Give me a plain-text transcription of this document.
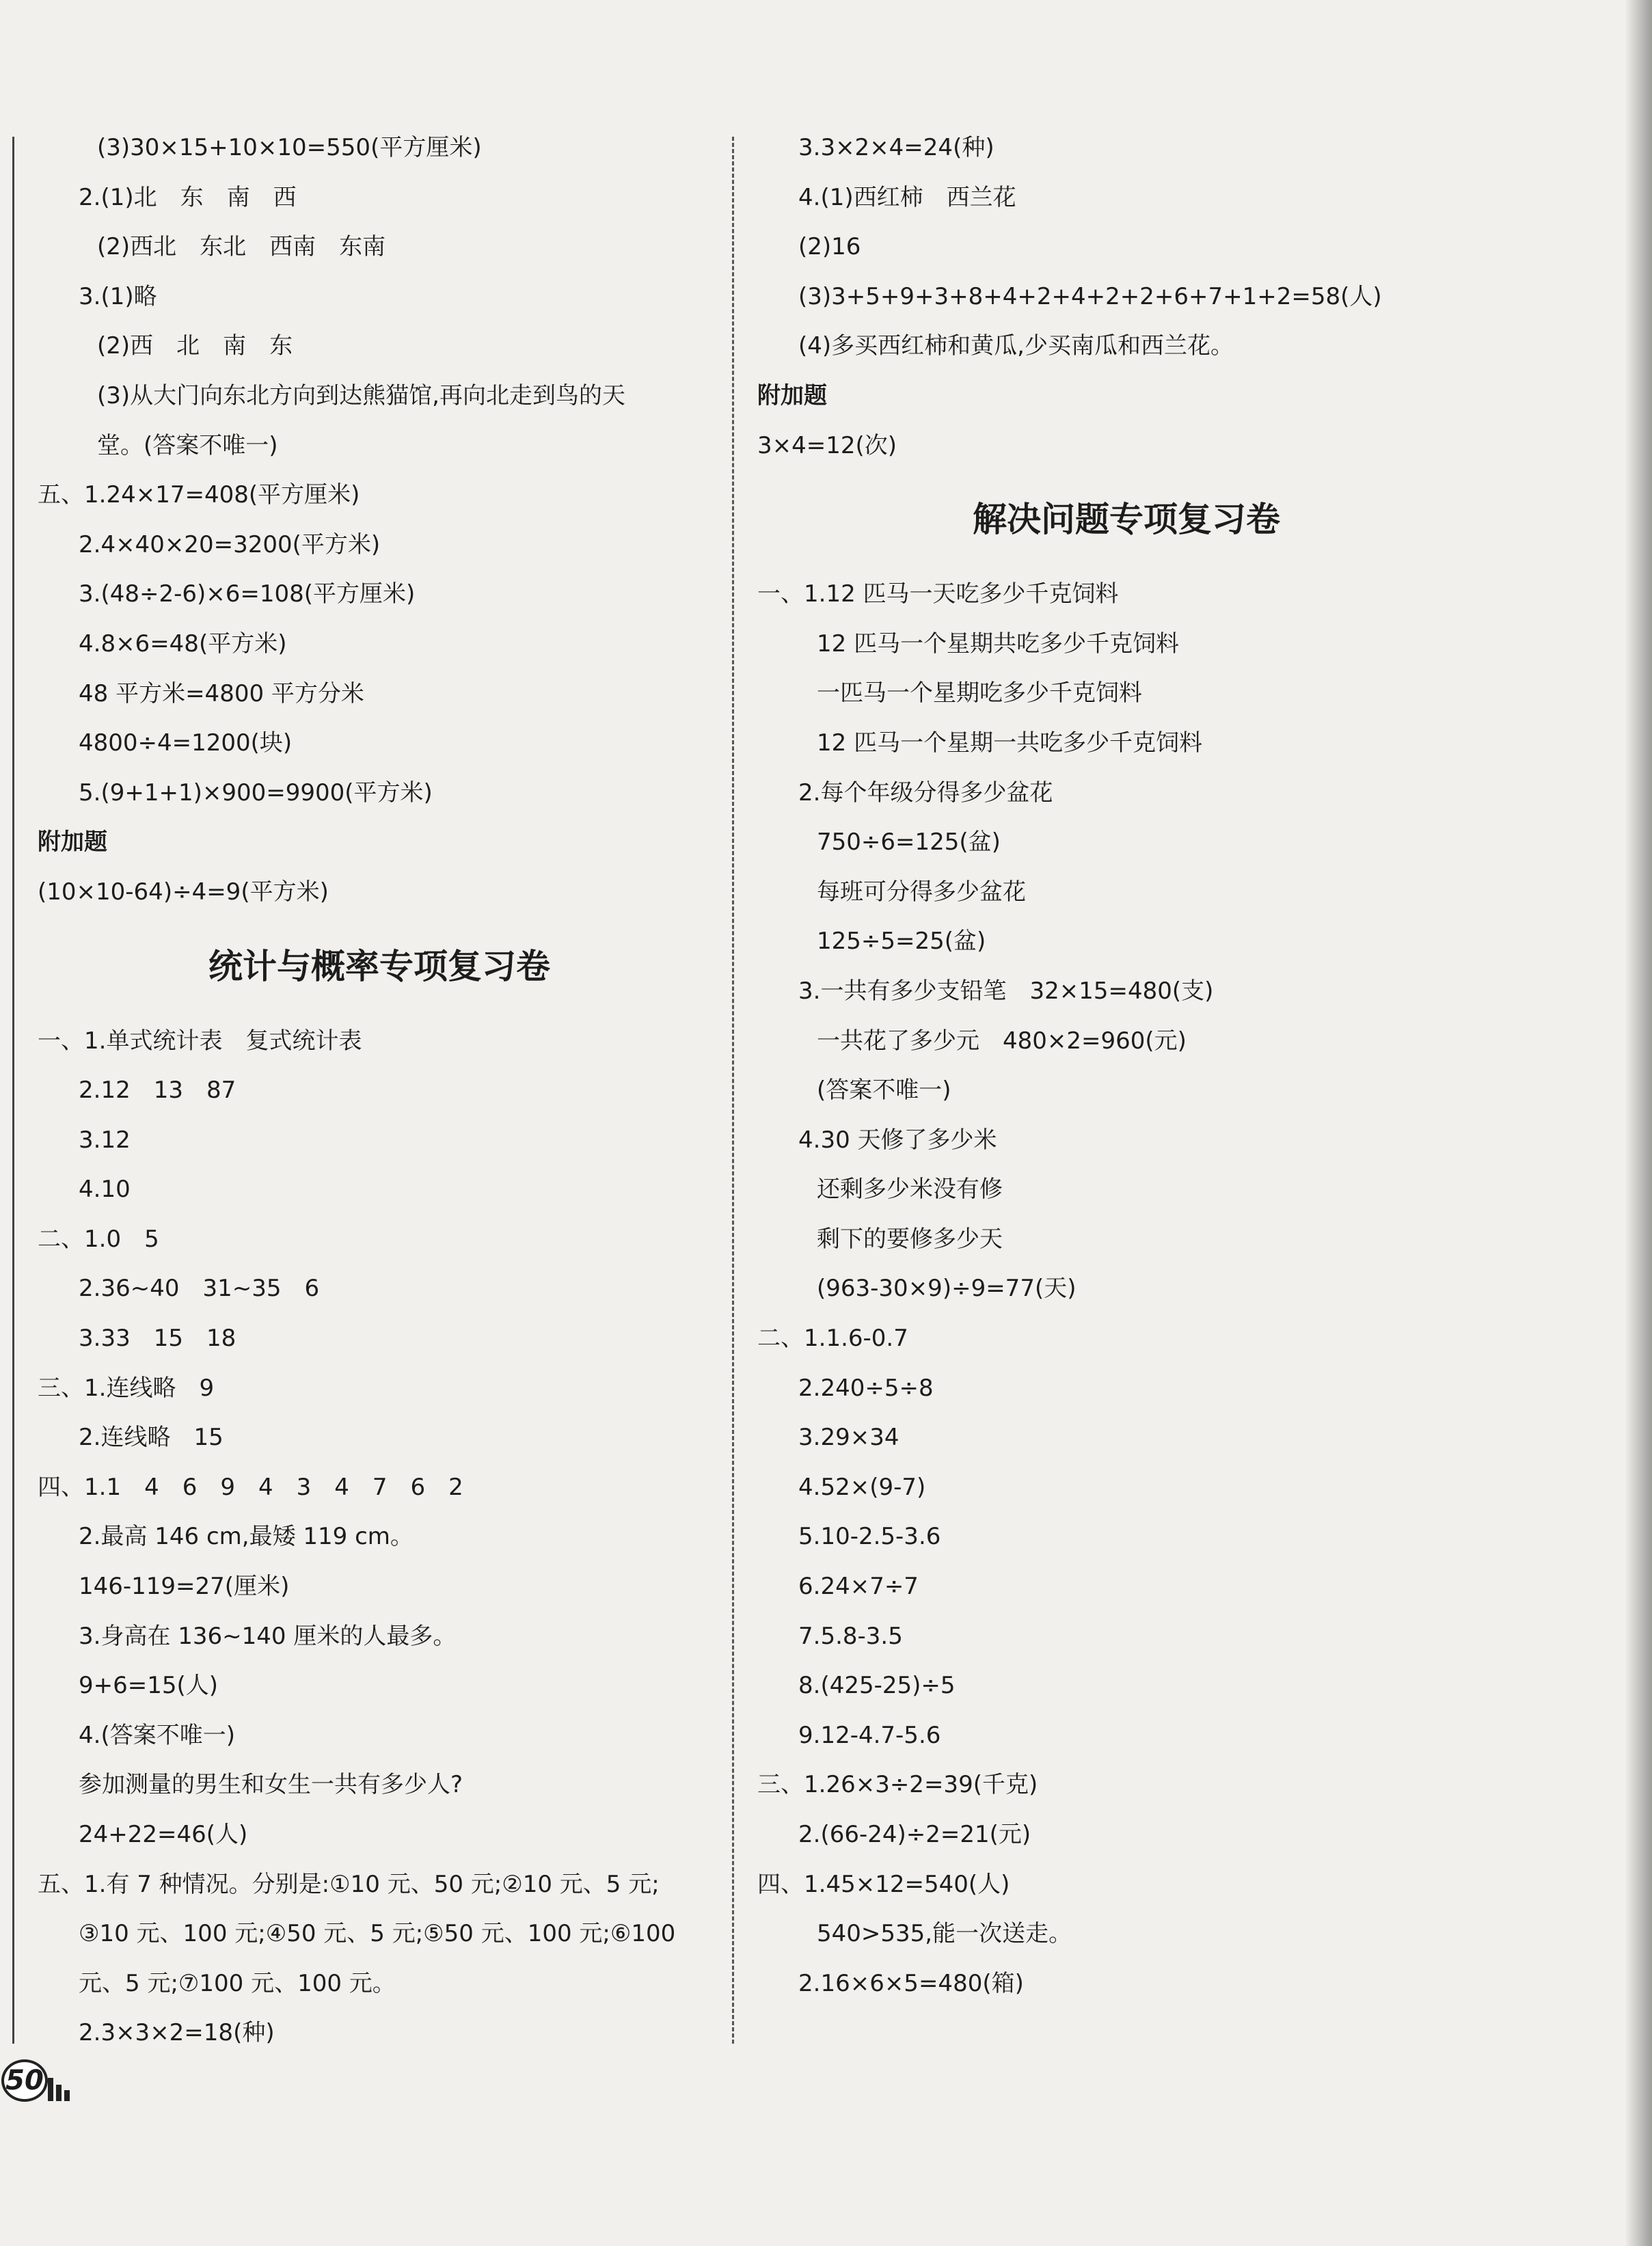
(3)30×15+10×10=550(平方厘米)
2.(1)北　东　南　西
(2)西北　东北　西南　东南
3.(1)略
(2)西　北　南　东
(3)从大门向东北方向到达熊猫馆,再向北走到鸟的天
堂。(答案不唯一)
五、1.24×17=408(平方厘米)
2.4×40×20=3200(平方米)
3.(48÷2-6)×6=108(平方厘米)
4.8×6=48(平方米)
48 平方米=4800 平方分米
4800÷4=1200(块)
5.(9+1+1)×900=9900(平方米)
附加题
(10×10-64)÷4=9(平方米)
统计与概率专项复习卷
一、1.单式统计表　复式统计表
2.12　13　87
3.12
4.10
二、1.0　5
2.36~40　31~35　6
3.33　15　18
三、1.连线略　9
2.连线略　15
四、1.1　4　6　9　4　3　4　7　6　2
2.最高 146 cm,最矮 119 cm。
146-119=27(厘米)
3.身高在 136~140 厘米的人最多。
9+6=15(人)
4.(答案不唯一)
参加测量的男生和女生一共有多少人?
24+22=46(人)
五、1.有 7 种情况。分别是:①10 元、50 元;②10 元、5 元;
③10 元、100 元;④50 元、5 元;⑤50 元、100 元;⑥100
元、5 元;⑦100 元、100 元。
2.3×3×2=18(种)
3.3×2×4=24(种)
4.(1)西红柿　西兰花
(2)16
(3)3+5+9+3+8+4+2+4+2+2+6+7+1+2=58(人)
(4)多买西红柿和黄瓜,少买南瓜和西兰花。
附加题
3×4=12(次)
解决问题专项复习卷
一、1.12 匹马一天吃多少千克饲料
12 匹马一个星期共吃多少千克饲料
一匹马一个星期吃多少千克饲料
12 匹马一个星期一共吃多少千克饲料
2.每个年级分得多少盆花
750÷6=125(盆)
每班可分得多少盆花
125÷5=25(盆)
3.一共有多少支铅笔　32×15=480(支)
一共花了多少元　480×2=960(元)
(答案不唯一)
4.30 天修了多少米
还剩多少米没有修
剩下的要修多少天
(963-30×9)÷9=77(天)
二、1.1.6-0.7
2.240÷5÷8
3.29×34
4.52×(9-7)
5.10-2.5-3.6
6.24×7÷7
7.5.8-3.5
8.(425-25)÷5
9.12-4.7-5.6
三、1.26×3÷2=39(千克)
2.(66-24)÷2=21(元)
四、1.45×12=540(人)
540>535,能一次送走。
2.16×6×5=480(箱)
50
